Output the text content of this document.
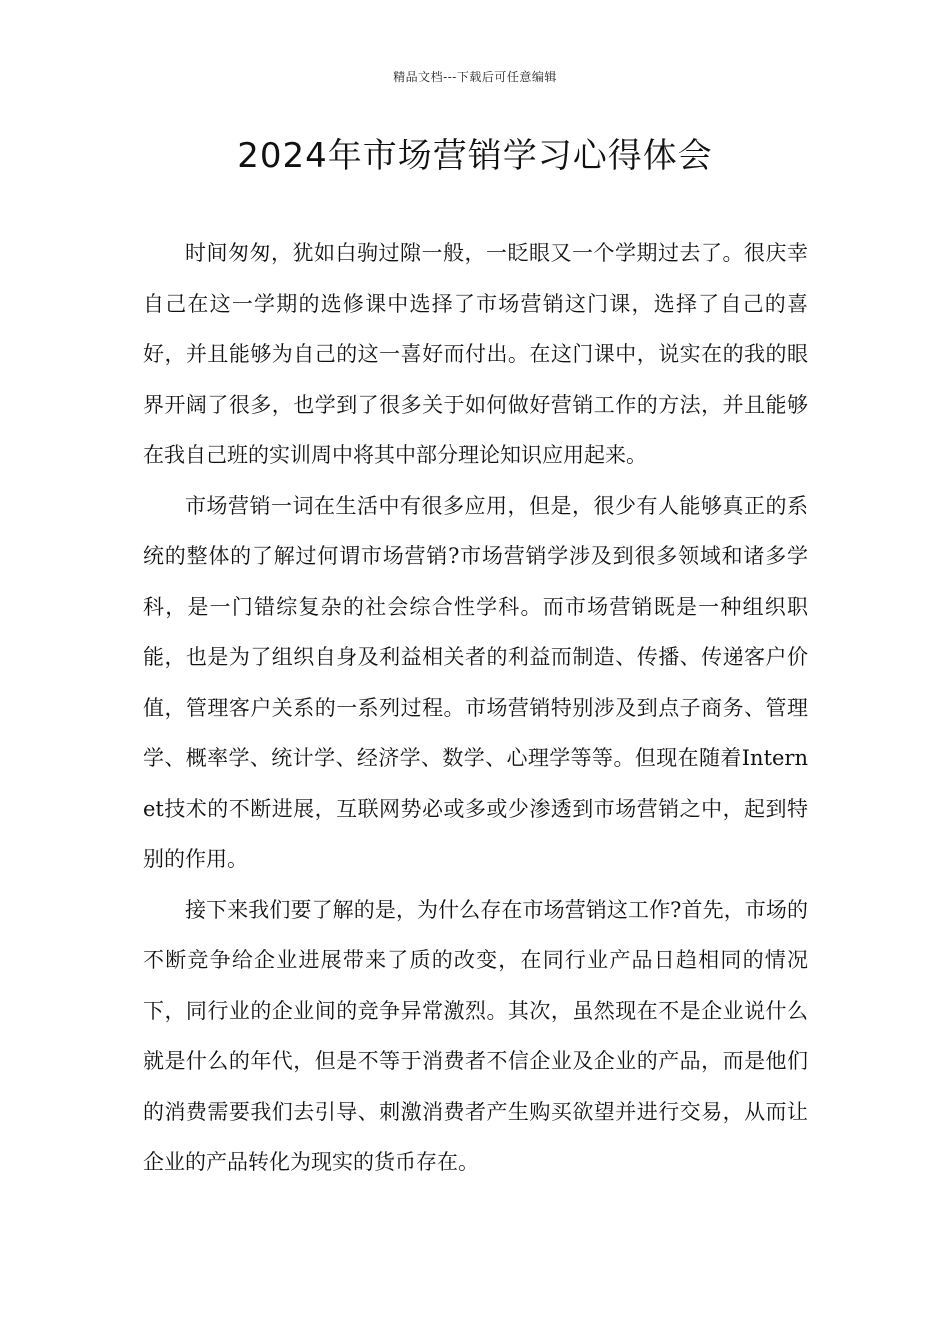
精品文档---下载后可任意编辑
2024年市场营销学习心得体会

时间匆匆，犹如白驹过隙一般，一眨眼又一个学期过去了。很庆幸自己在这一学期的选修课中选择了市场营销这门课，选择了自己的喜好，并且能够为自己的这一喜好而付出。在这门课中，说实在的我的眼界开阔了很多，也学到了很多关于如何做好营销工作的方法，并且能够在我自己班的实训周中将其中部分理论知识应用起来。

市场营销一词在生活中有很多应用，但是，很少有人能够真正的系统的整体的了解过何谓市场营销?市场营销学涉及到很多领域和诸多学科，是一门错综复杂的社会综合性学科。而市场营销既是一种组织职能，也是为了组织自身及利益相关者的利益而制造、传播、传递客户价值，管理客户关系的一系列过程。市场营销特别涉及到点子商务、管理学、概率学、统计学、经济学、数学、心理学等等。但现在随着Internet技术的不断进展，互联网势必或多或少渗透到市场营销之中，起到特别的作用。

接下来我们要了解的是，为什么存在市场营销这工作?首先，市场的不断竞争给企业进展带来了质的改变，在同行业产品日趋相同的情况下，同行业的企业间的竞争异常激烈。其次，虽然现在不是企业说什么就是什么的年代，但是不等于消费者不信企业及企业的产品，而是他们的消费需要我们去引导、刺激消费者产生购买欲望并进行交易，从而让企业的产品转化为现实的货币存在。
